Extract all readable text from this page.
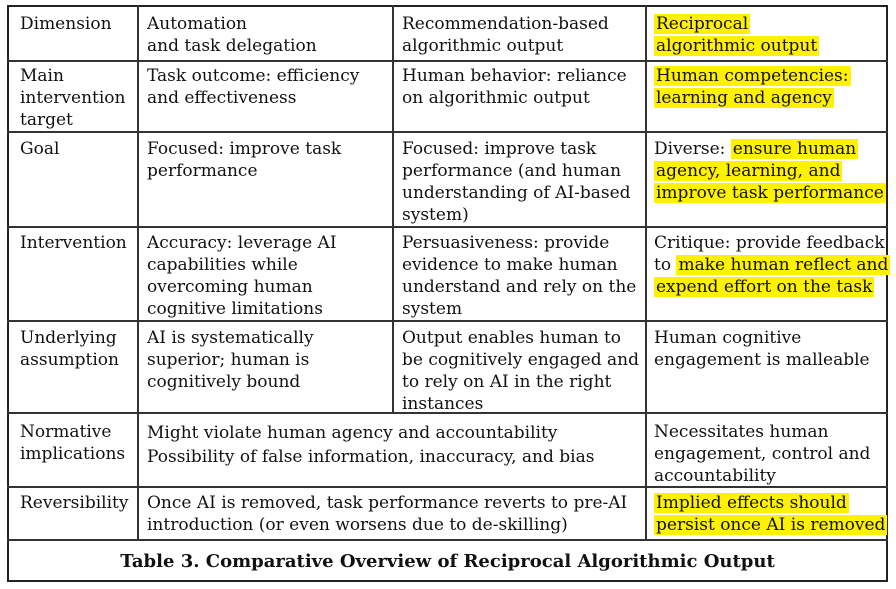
Dimension Automation
and task delegation
Recommendation-based
algorithmic output
Reciprocal
algorithmic output
Main
intervention
target
Task outcome: efficiency
and effectiveness
Human behavior: reliance
on algorithmic output
Human competencies:
learning and agency
Goal	Focused: improve task
performance
Focused: improve task
performance (and human
understanding of AI-based
system)
Diverse: ensure human
agency, learning, and
improve task performance
Intervention Accuracy: leverage AI
capabilities while
overcoming human
cognitive limitations
Persuasiveness: provide
evidence to make human
understand and rely on the
system
Critique: provide feedback
to make human reflect and
expend effort on the task
Underlying
assumption
AI is systematically
superior; human is
cognitively bound
Output enables human to
be cognitively engaged and
to rely on AI in the right
instances
Human cognitive
engagement is malleable
Normative
implications
Might violate human agency and accountability
Possibility of false information, inaccuracy, and bias
Necessitates human
engagement, control and
accountability
Reversibility Once AI is removed, task performance reverts to pre-AI
introduction (or even worsens due to de-skilling)
Implied effects should
persist once AI is removed
Table 3. Comparative Overview of Reciprocal Algorithmic Output
